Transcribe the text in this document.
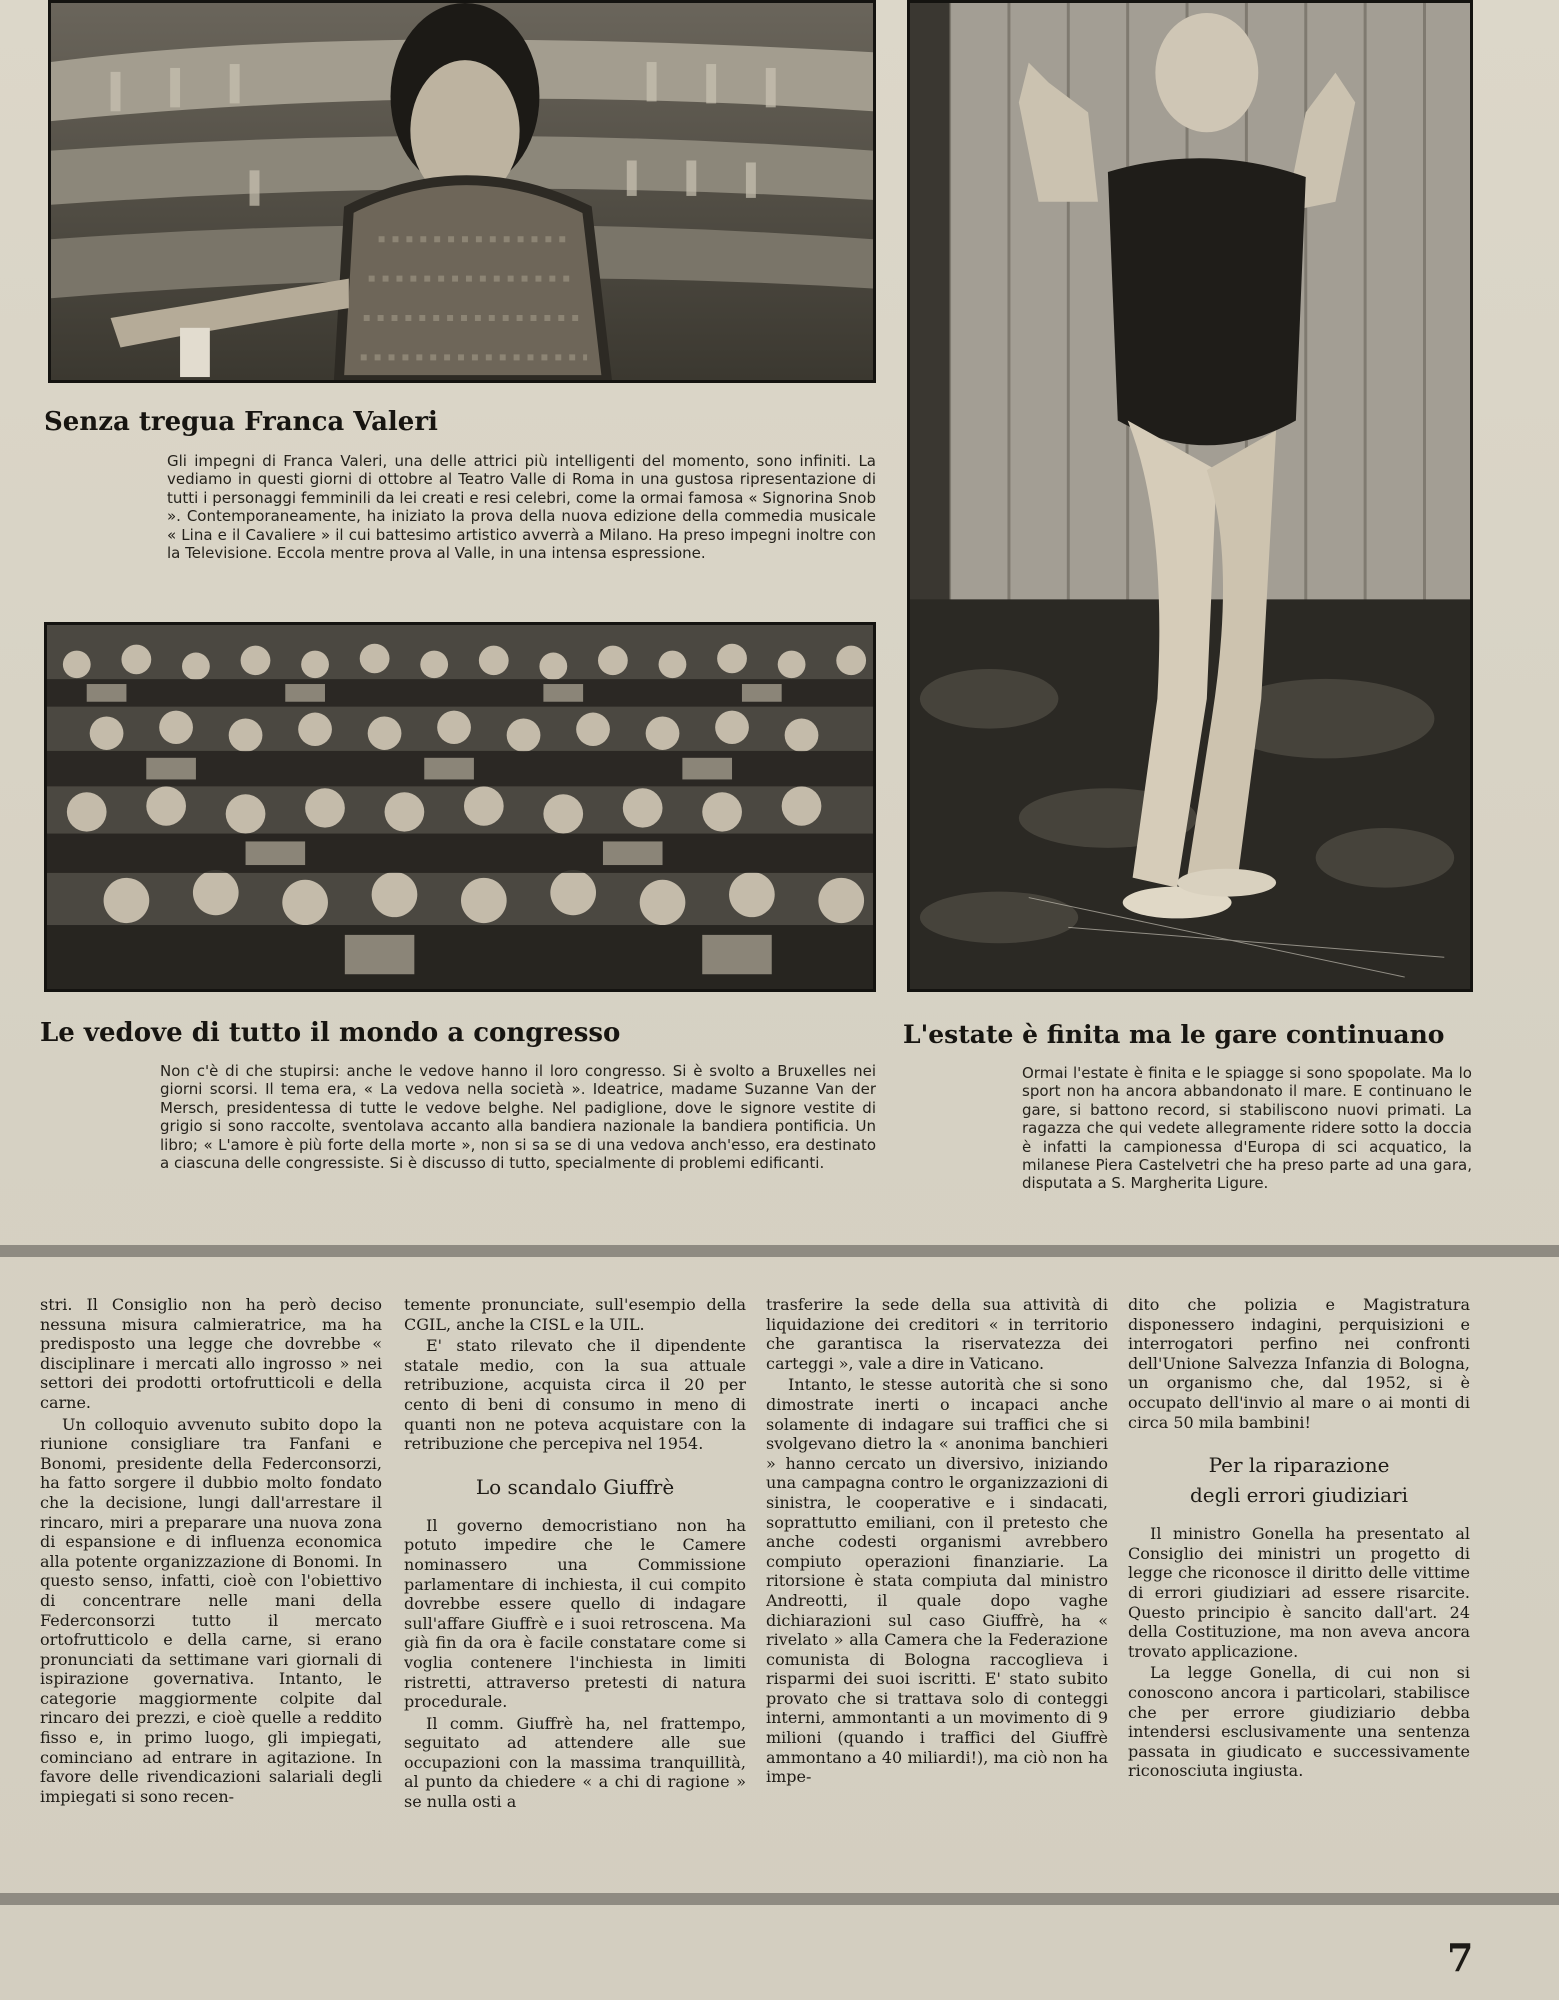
Senza tregua Franca Valeri

Gli impegni di Franca Valeri, una delle attrici più intelligenti del momento, sono infiniti. La vediamo in questi giorni di ottobre al Teatro Valle di Roma in una gustosa ripresentazione di tutti i personaggi femminili da lei creati e resi celebri, come la ormai famosa « Signorina Snob ». Contemporaneamente, ha iniziato la prova della nuova edizione della commedia musicale « Lina e il Cavaliere » il cui battesimo artistico avverrà a Milano. Ha preso impegni inoltre con la Televisione. Eccola mentre prova al Valle, in una intensa espressione.

Le vedove di tutto il mondo a congresso

Non c'è di che stupirsi: anche le vedove hanno il loro congresso. Si è svolto a Bruxelles nei giorni scorsi. Il tema era, « La vedova nella società ». Ideatrice, madame Suzanne Van der Mersch, presidentessa di tutte le vedove belghe. Nel padiglione, dove le signore vestite di grigio si sono raccolte, sventolava accanto alla bandiera nazionale la bandiera pontificia. Un libro; « L'amore è più forte della morte », non si sa se di una vedova anch'esso, era destinato a ciascuna delle congressiste. Si è discusso di tutto, specialmente di problemi edificanti.

L'estate è finita ma le gare continuano

Ormai l'estate è finita e le spiagge si sono spopolate. Ma lo sport non ha ancora abbandonato il mare. E continuano le gare, si battono record, si stabiliscono nuovi primati. La ragazza che qui vedete allegramente ridere sotto la doccia è infatti la campionessa d'Europa di sci acquatico, la milanese Piera Castelvetri che ha preso parte ad una gara, disputata a S. Margherita Ligure.

stri. Il Consiglio non ha però deciso nessuna misura calmieratrice, ma ha predisposto una legge che dovrebbe « disciplinare i mercati allo ingrosso » nei settori dei prodotti ortofrutticoli e della carne.

Un colloquio avvenuto subito dopo la riunione consigliare tra Fanfani e Bonomi, presidente della Federconsorzi, ha fatto sorgere il dubbio molto fondato che la decisione, lungi dall'arrestare il rincaro, miri a preparare una nuova zona di espansione e di influenza economica alla potente organizzazione di Bonomi. In questo senso, infatti, cioè con l'obiettivo di concentrare nelle mani della Federconsorzi tutto il mercato ortofrutticolo e della carne, si erano pronunciati da settimane vari giornali di ispirazione governativa. Intanto, le categorie maggiormente colpite dal rincaro dei prezzi, e cioè quelle a reddito fisso e, in primo luogo, gli impiegati, cominciano ad entrare in agitazione. In favore delle rivendicazioni salariali degli impiegati si sono recen-

temente pronunciate, sull'esempio della CGIL, anche la CISL e la UIL.

E' stato rilevato che il dipendente statale medio, con la sua attuale retribuzione, acquista circa il 20 per cento di beni di consumo in meno di quanti non ne poteva acquistare con la retribuzione che percepiva nel 1954.

Lo scandalo Giuffrè

Il governo democristiano non ha potuto impedire che le Camere nominassero una Commissione parlamentare di inchiesta, il cui compito dovrebbe essere quello di indagare sull'affare Giuffrè e i suoi retroscena. Ma già fin da ora è facile constatare come si voglia contenere l'inchiesta in limiti ristretti, attraverso pretesti di natura procedurale.

Il comm. Giuffrè ha, nel frattempo, seguitato ad attendere alle sue occupazioni con la massima tranquillità, al punto da chiedere « a chi di ragione » se nulla osti a

trasferire la sede della sua attività di liquidazione dei creditori « in territorio che garantisca la riservatezza dei carteggi », vale a dire in Vaticano.

Intanto, le stesse autorità che si sono dimostrate inerti o incapaci anche solamente di indagare sui traffici che si svolgevano dietro la « anonima banchieri » hanno cercato un diversivo, iniziando una campagna contro le organizzazioni di sinistra, le cooperative e i sindacati, soprattutto emiliani, con il pretesto che anche codesti organismi avrebbero compiuto operazioni finanziarie. La ritorsione è stata compiuta dal ministro Andreotti, il quale dopo vaghe dichiarazioni sul caso Giuffrè, ha « rivelato » alla Camera che la Federazione comunista di Bologna raccoglieva i risparmi dei suoi iscritti. E' stato subito provato che si trattava solo di conteggi interni, ammontanti a un movimento di 9 milioni (quando i traffici del Giuffrè ammontano a 40 miliardi!), ma ciò non ha impe-

dito che polizia e Magistratura disponessero indagini, perquisizioni e interrogatori perfino nei confronti dell'Unione Salvezza Infanzia di Bologna, un organismo che, dal 1952, si è occupato dell'invio al mare o ai monti di circa 50 mila bambini!

Per la riparazione
degli errori giudiziari

Il ministro Gonella ha presentato al Consiglio dei ministri un progetto di legge che riconosce il diritto delle vittime di errori giudiziari ad essere risarcite. Questo principio è sancito dall'art. 24 della Costituzione, ma non aveva ancora trovato applicazione.

La legge Gonella, di cui non si conoscono ancora i particolari, stabilisce che per errore giudiziario debba intendersi esclusivamente una sentenza passata in giudicato e successivamente riconosciuta ingiusta.

7
